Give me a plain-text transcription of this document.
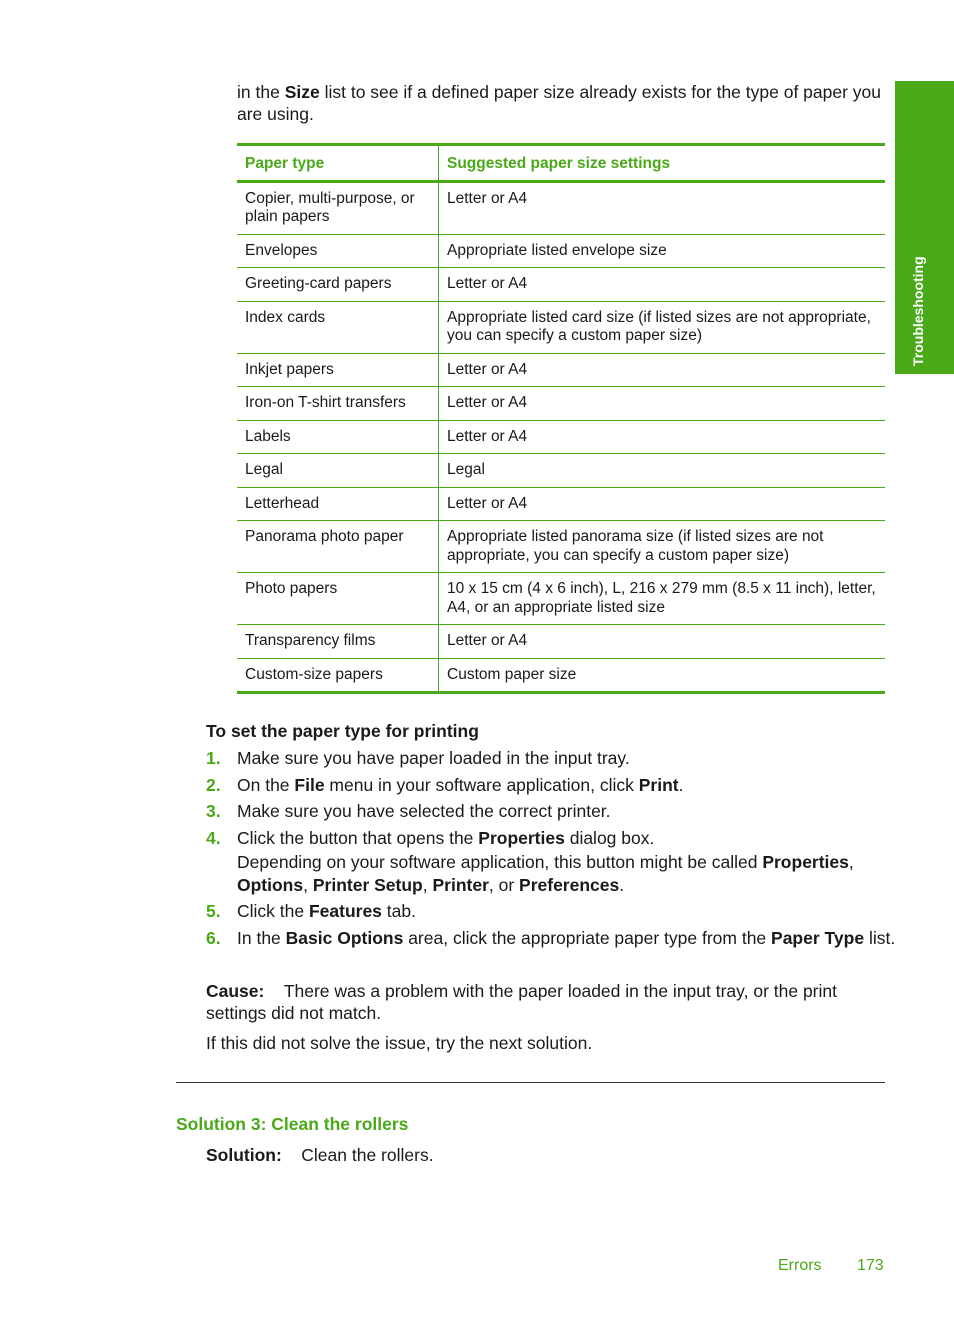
Troubleshooting

in the Size list to see if a defined paper size already exists for the type of paper you are using.

Paper type	Suggested paper size settings
Copier, multi-purpose, or plain papers	Letter or A4
Envelopes	Appropriate listed envelope size
Greeting-card papers	Letter or A4
Index cards	Appropriate listed card size (if listed sizes are not appropriate, you can specify a custom paper size)
Inkjet papers	Letter or A4
Iron-on T-shirt transfers	Letter or A4
Labels	Letter or A4
Legal	Legal
Letterhead	Letter or A4
Panorama photo paper	Appropriate listed panorama size (if listed sizes are not appropriate, you can specify a custom paper size)
Photo papers	10 x 15 cm (4 x 6 inch), L, 216 x 279 mm (8.5 x 11 inch), letter, A4, or an appropriate listed size
Transparency films	Letter or A4
Custom-size papers	Custom paper size

To set the paper type for printing

1. Make sure you have paper loaded in the input tray.
2. On the File menu in your software application, click Print.
3. Make sure you have selected the correct printer.
4. Click the button that opens the Properties dialog box.
Depending on your software application, this button might be called Properties, Options, Printer Setup, Printer, or Preferences.
5. Click the Features tab.
6. In the Basic Options area, click the appropriate paper type from the Paper Type list.

Cause: There was a problem with the paper loaded in the input tray, or the print settings did not match.

If this did not solve the issue, try the next solution.

Solution 3: Clean the rollers

Solution: Clean the rollers.

Errors 173
